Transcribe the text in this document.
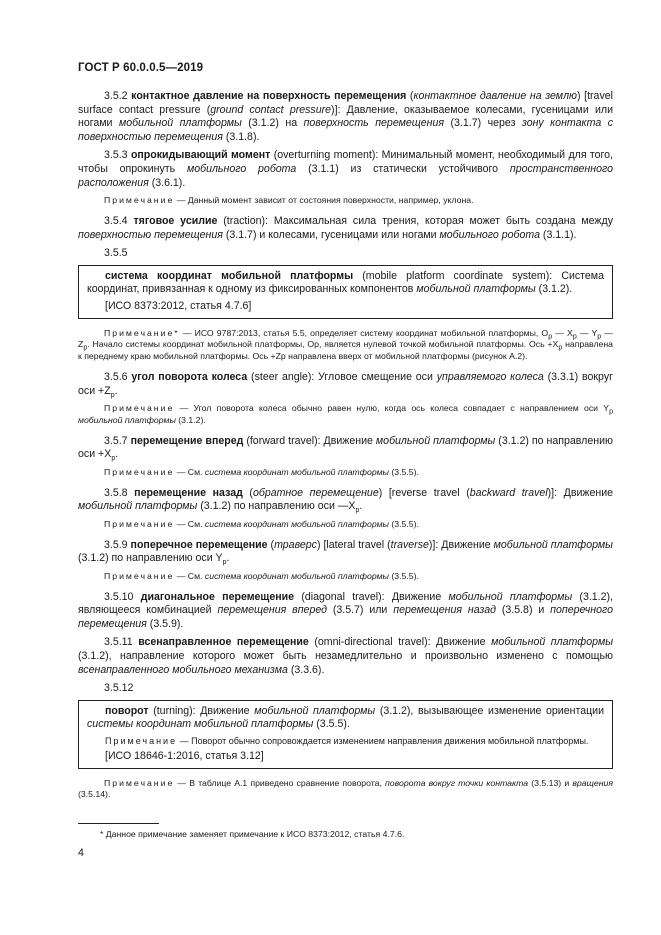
ГОСТ Р 60.0.0.5—2019

3.5.2 контактное давление на поверхность перемещения (контактное давление на землю) [travel surface contact pressure (ground contact pressure)]: Давление, оказываемое колесами, гусеницами или ногами мобильной платформы (3.1.2) на поверхность перемещения (3.1.7) через зону контакта с поверхностью перемещения (3.1.8).

3.5.3 опрокидывающий момент (overturning moment): Минимальный момент, необходимый для того, чтобы опрокинуть мобильного робота (3.1.1) из статически устойчивого пространственного расположения (3.6.1).

Примечание — Данный момент зависит от состояния поверхности, например, уклона.

3.5.4 тяговое усилие (traction): Максимальная сила трения, которая может быть создана между поверхностью перемещения (3.1.7) и колесами, гусеницами или ногами мобильного робота (3.1.1).

3.5.5

система координат мобильной платформы (mobile platform coordinate system): Система координат, привязанная к одному из фиксированных компонентов мобильной платформы (3.1.2).

[ИСО 8373:2012, статья 4.7.6]

Примечание* — ИСО 9787:2013, статья 5.5, определяет систему координат мобильной платформы, $O_p$ — $X_p$ — $Y_p$ — $Z_p$. Начало системы координат мобильной платформы, Op, является нулевой точкой мобильной платформы. Ось $+X_p$ направлена к переднему краю мобильной платформы. Ось +Zp направлена вверх от мобильной платформы (рисунок А.2).

3.5.6 угол поворота колеса (steer angle): Угловое смещение оси управляемого колеса (3.3.1) вокруг оси $+Z_p$.

Примечание — Угол поворота колеса обычно равен нулю, когда ось колеса совпадает с направлением оси $Y_p$ мобильной платформы (3.1.2).

3.5.7 перемещение вперед (forward travel): Движение мобильной платформы (3.1.2) по направлению оси $+X_p$.

Примечание — См. система координат мобильной платформы (3.5.5).

3.5.8 перемещение назад (обратное перемещение) [reverse travel (backward travel)]: Движение мобильной платформы (3.1.2) по направлению оси $—X_p$.

Примечание — См. система координат мобильной платформы (3.5.5).

3.5.9 поперечное перемещение (траверс) [lateral travel (traverse)]: Движение мобильной платформы (3.1.2) по направлению оси $Y_p$.

Примечание — См. система координат мобильной платформы (3.5.5).

3.5.10 диагональное перемещение (diagonal travel): Движение мобильной платформы (3.1.2), являющееся комбинацией перемещения вперед (3.5.7) или перемещения назад (3.5.8) и поперечного перемещения (3.5.9).

3.5.11 всенаправленное перемещение (omni-directional travel): Движение мобильной платформы (3.1.2), направление которого может быть незамедлительно и произвольно изменено с помощью всенаправленного мобильного механизма (3.3.6).

3.5.12

поворот (turning): Движение мобильной платформы (3.1.2), вызывающее изменение ориентации системы координат мобильной платформы (3.5.5).

Примечание — Поворот обычно сопровождается изменением направления движения мобильной платформы.

[ИСО 18646-1:2016, статья 3.12]

Примечание — В таблице А.1 приведено сравнение поворота, поворота вокруг точки контакта (3.5.13) и вращения (3.5.14).

* Данное примечание заменяет примечание к ИСО 8373:2012, статья 4.7.6.
4
